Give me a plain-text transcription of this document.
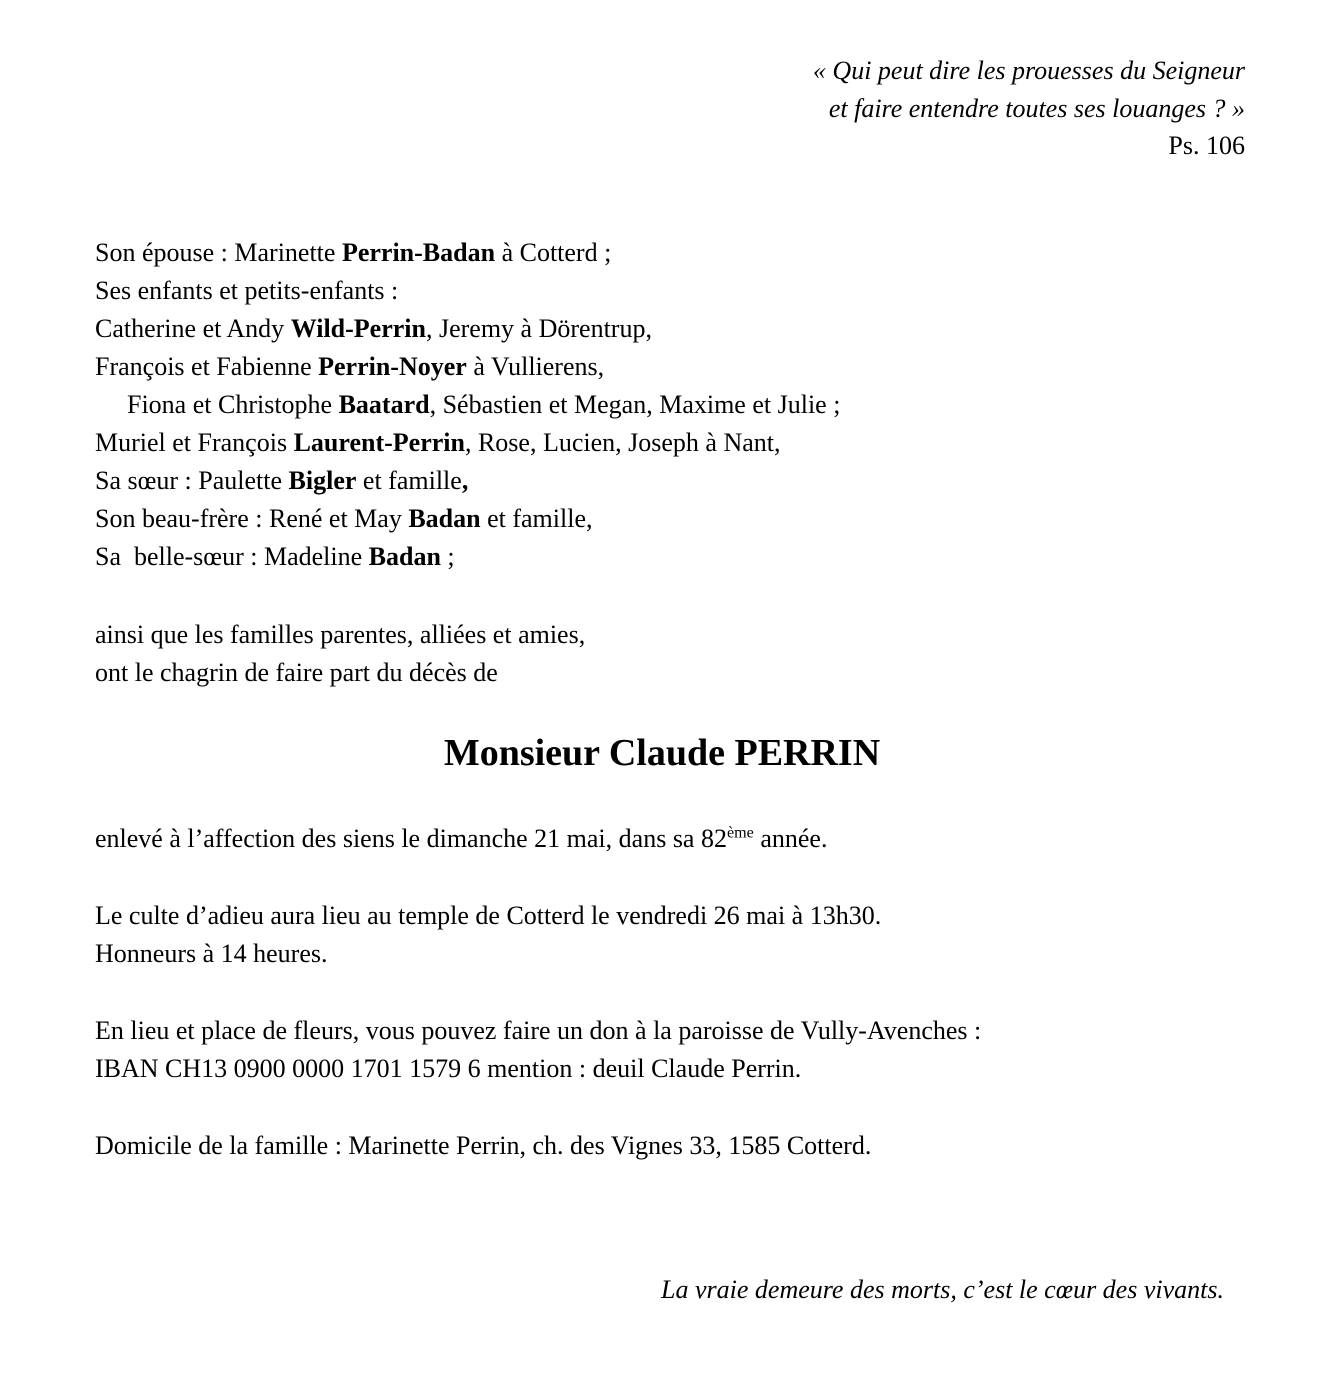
« Qui peut dire les prouesses du Seigneur
et faire entendre toutes ses louanges ? »
Ps. 106
Son épouse : Marinette Perrin-Badan à Cotterd ;
Ses enfants et petits-enfants :
Catherine et Andy Wild-Perrin, Jeremy à Dörentrup,
François et Fabienne Perrin-Noyer à Vullierens,
Fiona et Christophe Baatard, Sébastien et Megan, Maxime et Julie ;
Muriel et François Laurent-Perrin, Rose, Lucien, Joseph à Nant,
Sa sœur : Paulette Bigler et famille,
Son beau-frère : René et May Badan et famille,
Sa  belle-sœur : Madeline Badan ;
ainsi que les familles parentes, alliées et amies,
ont le chagrin de faire part du décès de
Monsieur Claude PERRIN
enlevé à l’affection des siens le dimanche 21 mai, dans sa 82ème année.
Le culte d’adieu aura lieu au temple de Cotterd le vendredi 26 mai à 13h30.
Honneurs à 14 heures.
En lieu et place de fleurs, vous pouvez faire un don à la paroisse de Vully-Avenches :
IBAN CH13 0900 0000 1701 1579 6 mention : deuil Claude Perrin.
Domicile de la famille : Marinette Perrin, ch. des Vignes 33, 1585 Cotterd.
La vraie demeure des morts, c’est le cœur des vivants.
